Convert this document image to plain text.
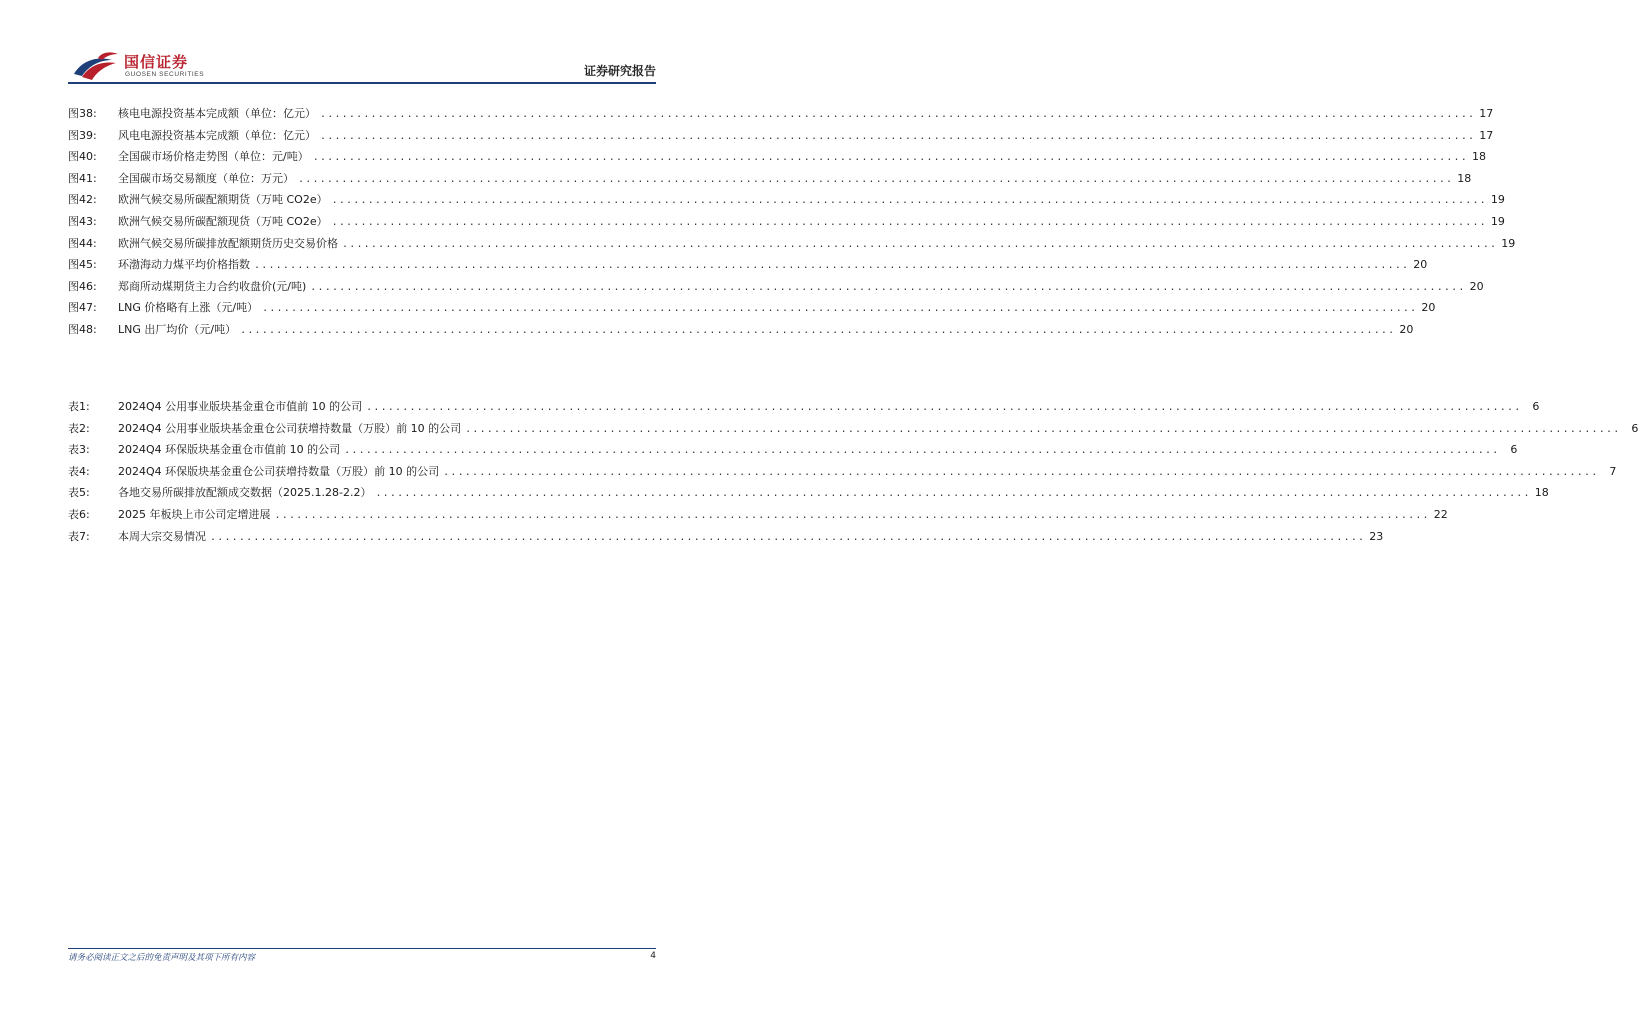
国信证券
GUOSEN SECURITIES	证券研究报告
图38:	核电电源投资基本完成额（单位：亿元） ................................................................................................................................................................ 17
图39:	风电电源投资基本完成额（单位：亿元） ................................................................................................................................................................ 17
图40:	全国碳市场价格走势图（单位：元/吨） ................................................................................................................................................................ 18
图41:	全国碳市场交易额度（单位：万元） ................................................................................................................................................................ 18
图42:	欧洲气候交易所碳配额期货（万吨 CO2e） ................................................................................................................................................................ 19
图43:	欧洲气候交易所碳配额现货（万吨 CO2e） ................................................................................................................................................................ 19
图44:	欧洲气候交易所碳排放配额期货历史交易价格 ................................................................................................................................................................ 19
图45:	环渤海动力煤平均价格指数 ................................................................................................................................................................ 20
图46:	郑商所动煤期货主力合约收盘价(元/吨) ................................................................................................................................................................ 20
图47:	LNG 价格略有上涨（元/吨） ................................................................................................................................................................ 20
图48:	LNG 出厂均价（元/吨） ................................................................................................................................................................ 20
表1:	2024Q4 公用事业版块基金重仓市值前 10 的公司 ................................................................................................................................................................	6
表2:	2024Q4 公用事业版块基金重仓公司获增持数量（万股）前 10 的公司 ................................................................................................................................................................	6
表3:	2024Q4 环保版块基金重仓市值前 10 的公司 ................................................................................................................................................................	6
表4:	2024Q4 环保版块基金重仓公司获增持数量（万股）前 10 的公司 ................................................................................................................................................................	7
表5:	各地交易所碳排放配额成交数据（2025.1.28-2.2） ................................................................................................................................................................ 18
表6:	2025 年板块上市公司定增进展 ................................................................................................................................................................ 22
表7:	本周大宗交易情况 ................................................................................................................................................................ 23
请务必阅读正文之后的免责声明及其项下所有内容	4
